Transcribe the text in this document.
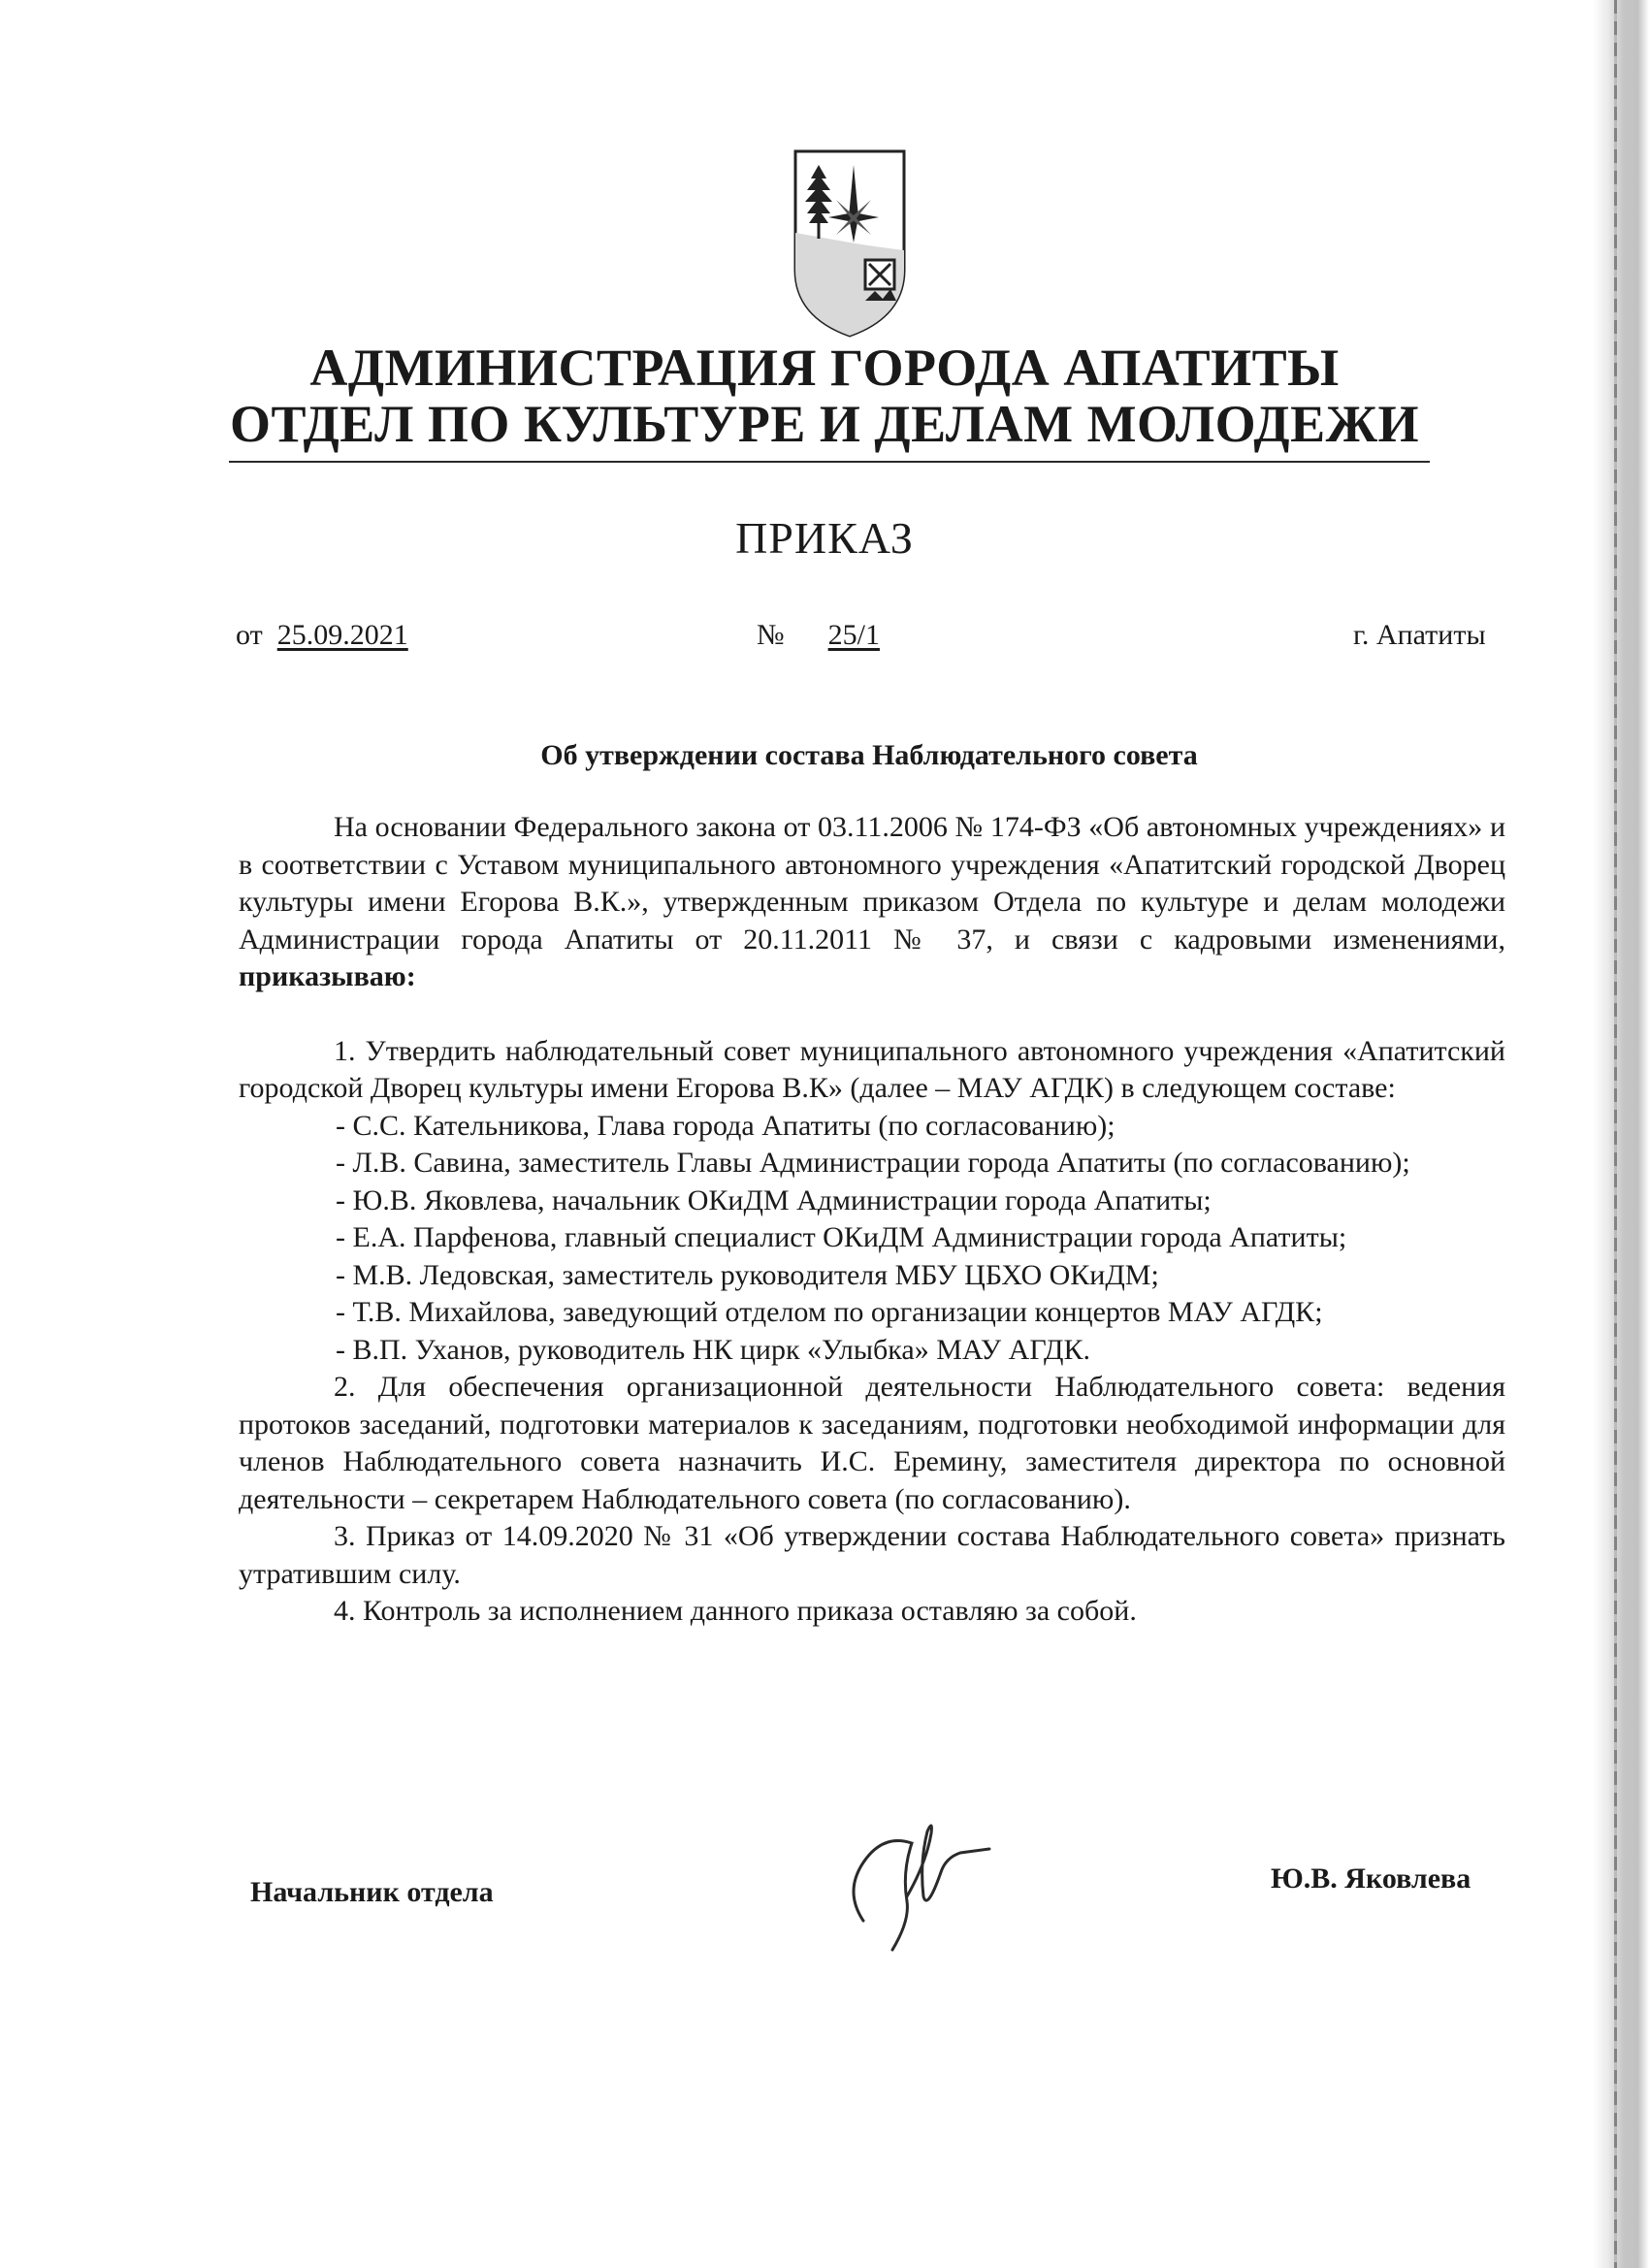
АДМИНИСТРАЦИЯ ГОРОДА АПАТИТЫ
ОТДЕЛ ПО КУЛЬТУРЕ И ДЕЛАМ МОЛОДЕЖИ
ПРИКАЗ
от 25.09.2021	№ 25/1	г. Апатиты
Об утверждении состава Наблюдательного совета

На основании Федерального закона от 03.11.2006 № 174-ФЗ «Об автономных учреждениях» и в соответствии с Уставом муниципального автономного учреждения «Апатитский городской Дворец культуры имени Егорова В.К.», утвержденным приказом Отдела по культуре и делам молодежи Администрации города Апатиты от 20.11.2011 № 37, и связи с кадровыми изменениями, приказываю:

1. Утвердить наблюдательный совет муниципального автономного учреждения «Апатитский городской Дворец культуры имени Егорова В.К» (далее – МАУ АГДК) в следующем составе:

- С.С. Кательникова, Глава города Апатиты (по согласованию);

- Л.В. Савина, заместитель Главы Администрации города Апатиты (по согласованию);

- Ю.В. Яковлева, начальник ОКиДМ Администрации города Апатиты;

- Е.А. Парфенова, главный специалист ОКиДМ Администрации города Апатиты;

- М.В. Ледовская, заместитель руководителя МБУ ЦБХО ОКиДМ;

- Т.В. Михайлова, заведующий отделом по организации концертов МАУ АГДК;

- В.П. Уханов, руководитель НК цирк «Улыбка» МАУ АГДК.

2. Для обеспечения организационной деятельности Наблюдательного совета: ведения протоков заседаний, подготовки материалов к заседаниям, подготовки необходимой информации для членов Наблюдательного совета назначить И.С. Еремину, заместителя директора по основной деятельности – секретарем Наблюдательного совета (по согласованию).

3. Приказ от 14.09.2020 № 31 «Об утверждении состава Наблюдательного совета» признать утратившим силу.

4. Контроль за исполнением данного приказа оставляю за собой.

Начальник отдела	Ю.В. Яковлева
